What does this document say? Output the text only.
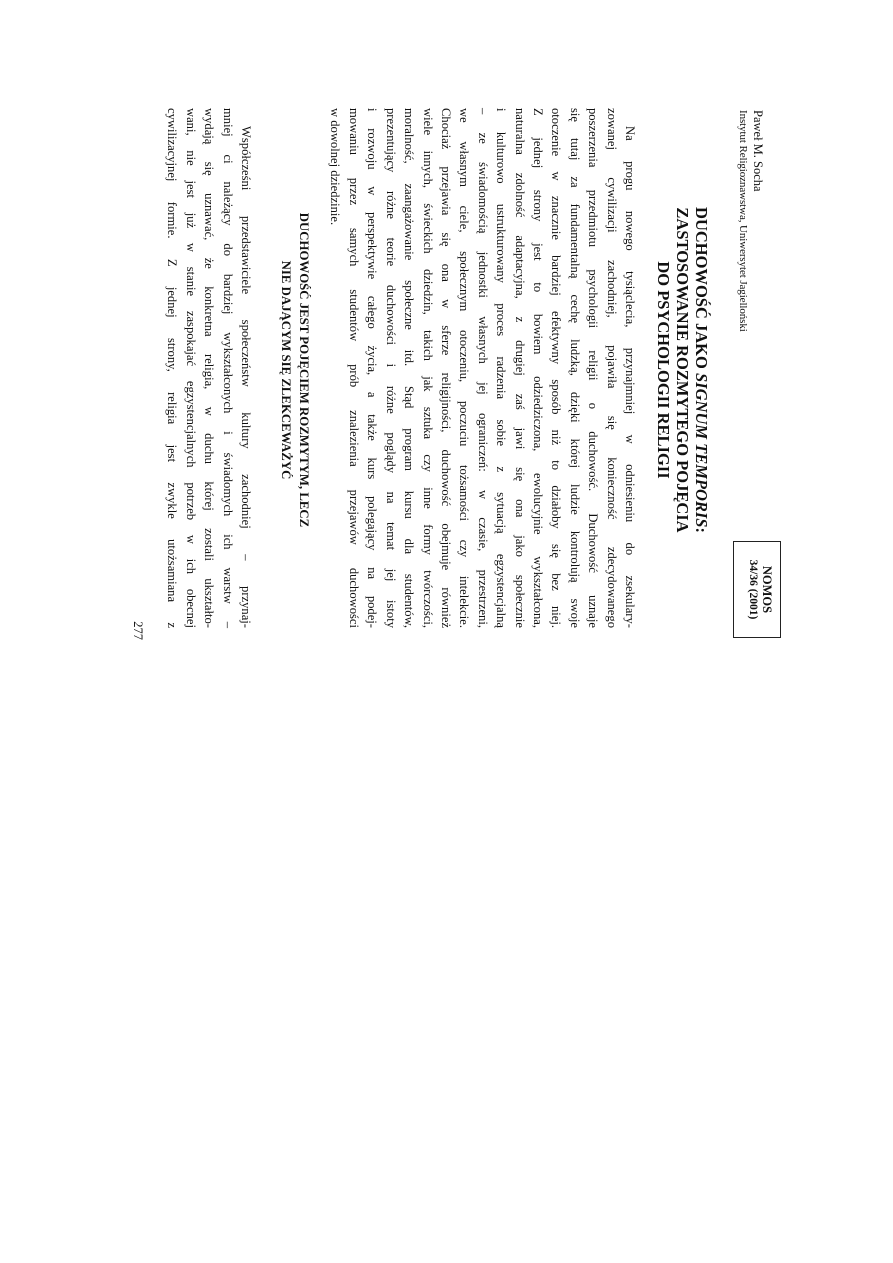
Paweł M. Socha
Instytut Religioznawstwa, Uniwersytet Jagielloński
NOMOS
34/36 (2001)
DUCHOWOŚĆ JAKO SIGNUM TEMPORIS:
ZASTOSOWANIE ROZMYTEGO POJĘCIA
DO PSYCHOLOGII RELIGII
Na progu nowego tysiąclecia, przynajmniej w odniesieniu do zsekulary-
zowanej cywilizacji zachodniej, pojawiła się konieczność zdecydowanego
poszerzenia przedmiotu psychologii religii o duchowość. Duchowość uznaje
się tutaj za fundamentalną cechę ludzką, dzięki której ludzie kontrolują swoje
otoczenie w znacznie bardziej efektywny sposób niż to działoby się bez niej.
Z jednej strony jest to bowiem odziedziczona, ewolucyjnie wykształcona,
naturalna zdolność adaptacyjna, z drugiej zaś jawi się ona jako społecznie
i kulturowo ustrukturowany proces radzenia sobie z sytuacją egzystencjalną
– ze świadomością jednostki własnych jej ograniczeń: w czasie, przestrzeni,
we własnym ciele, społecznym otoczeniu, poczuciu tożsamości czy intelekcie.
Chociaż przejawia się ona w sferze religijności, duchowość obejmuje również
wiele innych, świeckich dziedzin, takich jak sztuka czy inne formy twórczości,
moralność, zaangażowanie społeczne itd. Stąd program kursu dla studentów,
prezentujący różne teorie duchowości i różne poglądy na temat jej istoty
i rozwoju w perspektywie całego życia, a także kurs polegający na podej-
mowaniu przez samych studentów prób znalezienia przejawów duchowości
w dowolnej dziedzinie.
DUCHOWOŚĆ JEST POJĘCIEM ROZMYTYM, LECZ
NIE DAJĄCYM SIĘ ZLEKCEWAŻYĆ
Współcześni przedstawiciele społeczeństw kultury zachodniej – przynaj-
mniej ci należący do bardziej wykształconych i świadomych ich warstw –
wydają się uznawać, że konkretna religia, w duchu której zostali ukształto-
wani, nie jest już w stanie zaspokajać egzystencjalnych potrzeb w ich obecnej
cywilizacyjnej formie. Z jednej strony, religia jest zwykle utożsamiana z
277
